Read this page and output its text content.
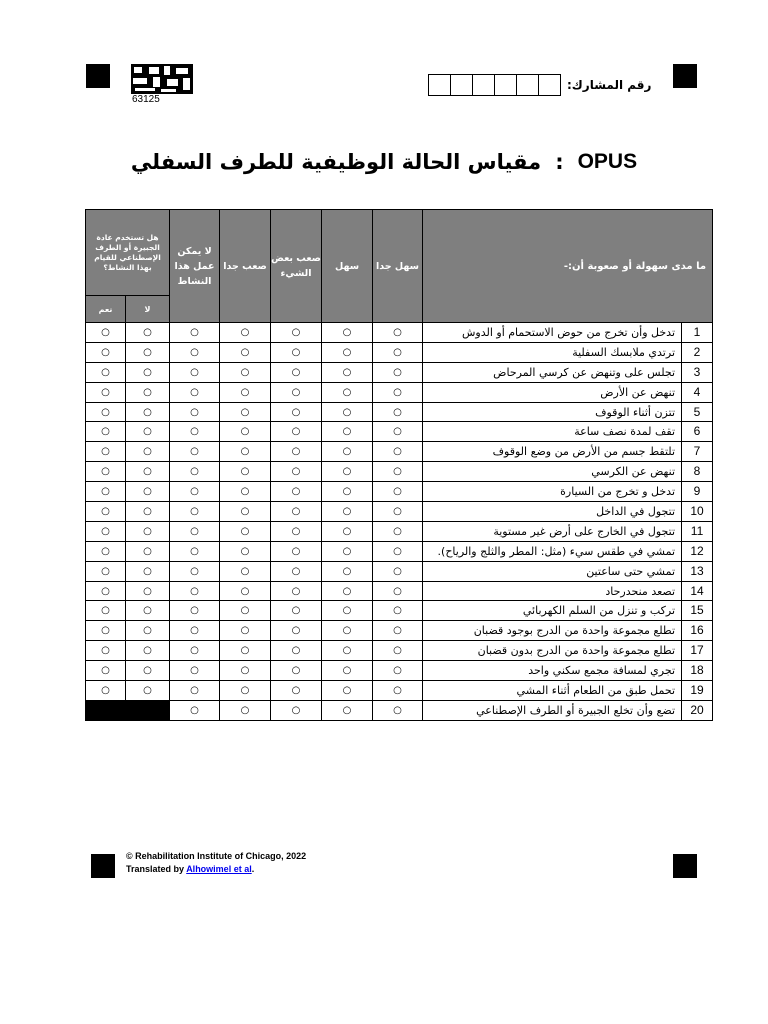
63125
رقم المشارك:
مقياس الحالة الوظيفية للطرف السفلي : OPUS
هل تستخدم عادة الجبيرة أو الطرف الإصطناعي للقيام بهذا النشاط؟		لا يمكن عمل هذا النشاط	صعب جدا	صعب بعض الشيء	سهل	سهل جدا	ما مدى سهولة أو صعوبة أن:-	
نعم	لا							
○	○	○	○	○	○	○	تدخل وأن تخرج من حوض الاستحمام أو الدوش	1
○	○	○	○	○	○	○	ترتدي ملابسك السفلية	2
○	○	○	○	○	○	○	تجلس على وتنهض عن كرسي المرحاض	3
○	○	○	○	○	○	○	تنهض عن الأرض	4
○	○	○	○	○	○	○	تتزن أثناء الوقوف	5
○	○	○	○	○	○	○	تقف لمدة نصف ساعة	6
○	○	○	○	○	○	○	تلتقط جسم من الأرض من وضع الوقوف	7
○	○	○	○	○	○	○	تنهض عن الكرسي	8
○	○	○	○	○	○	○	تدخل و تخرج من السيارة	9
○	○	○	○	○	○	○	تتجول في الداخل	10
○	○	○	○	○	○	○	تتجول في الخارج على أرض غير مستوية	11
○	○	○	○	○	○	○	تمشي في طقس سيء (مثل: المطر والثلج والرياح).	12
○	○	○	○	○	○	○	تمشي حتى ساعتين	13
○	○	○	○	○	○	○	تصعد منحدرحاد	14
○	○	○	○	○	○	○	تركب و تنزل من السلم الكهربائي	15
○	○	○	○	○	○	○	تطلع مجموعة واحدة من الدرج بوجود قضبان	16
○	○	○	○	○	○	○	تطلع مجموعة واحدة من الدرج بدون قضبان	17
○	○	○	○	○	○	○	تجري لمسافة مجمع سكني واحد	18
○	○	○	○	○	○	○	تحمل طبق من الطعام أثناء المشي	19
		○	○	○	○	○	تضع وأن تخلع الجبيرة أو الطرف الإصطناعي	20
© Rehabilitation Institute of Chicago, 2022
Translated by Alhowimel et al.
